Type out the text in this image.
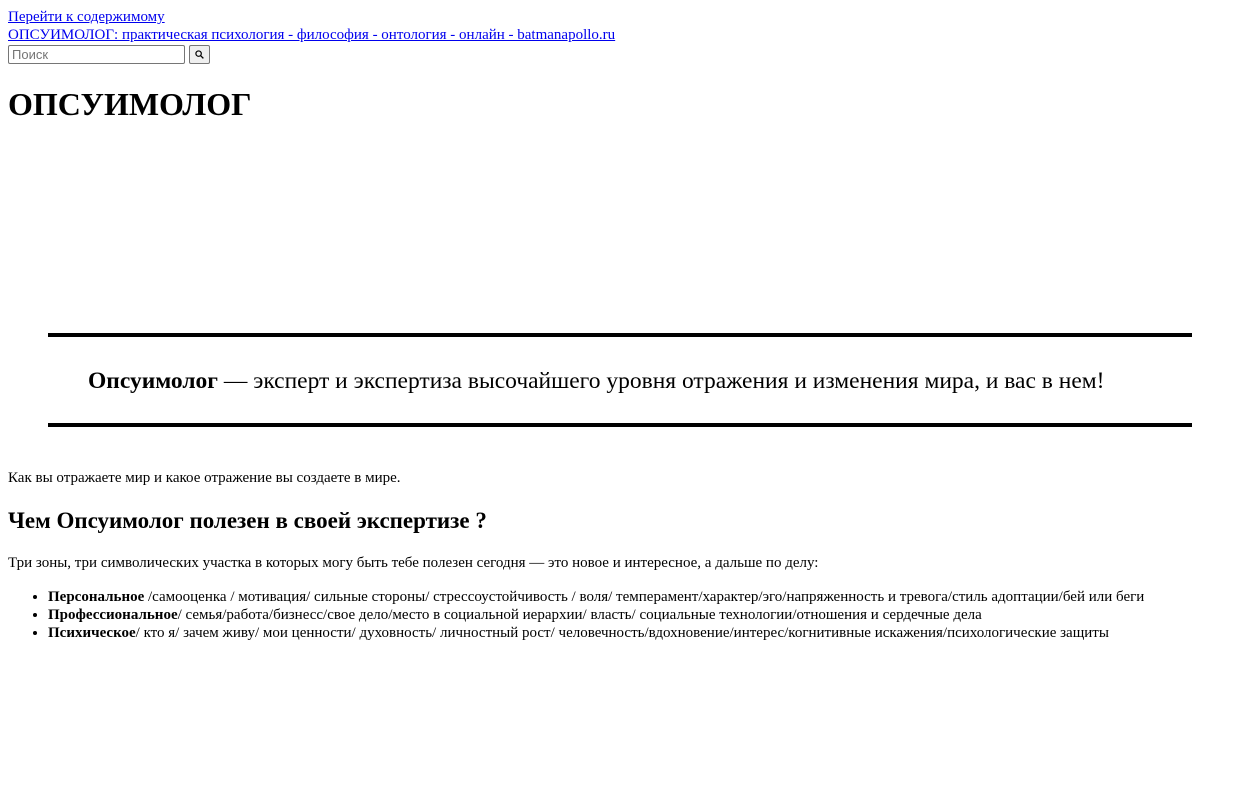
Перейти к содержимому
ОПСУИМОЛОГ: практическая психология - философия - онтология - онлайн - batmanapollo.ru
Поиск
ОПСУИМОЛОГ

Опсуимолог — эксперт и экспертиза высочайшего уровня отражения и изменения мира, и вас в нем!

Как вы отражаете мир и какое отражение вы создаете в мире.

Чем Опсуимолог полезен в своей экспертизе ?

Три зоны, три символических участка в которых могу быть тебе полезен сегодня — это новое и интересное, а дальше по делу:

• Персональное /самооценка / мотивация/ сильные стороны/ стрессоустойчивость / воля/ темперамент/характер/эго/напряженность и тревога/стиль адоптации/бей или беги
• Профессиональное/ семья/работа/бизнесс/свое дело/место в социальной иерархии/ власть/ социальные технологии/отношения и сердечные дела
• Психическое/ кто я/ зачем живу/ мои ценности/ духовность/ личностный рост/ человечность/вдохновение/интерес/когнитивные искажения/психологические защиты
